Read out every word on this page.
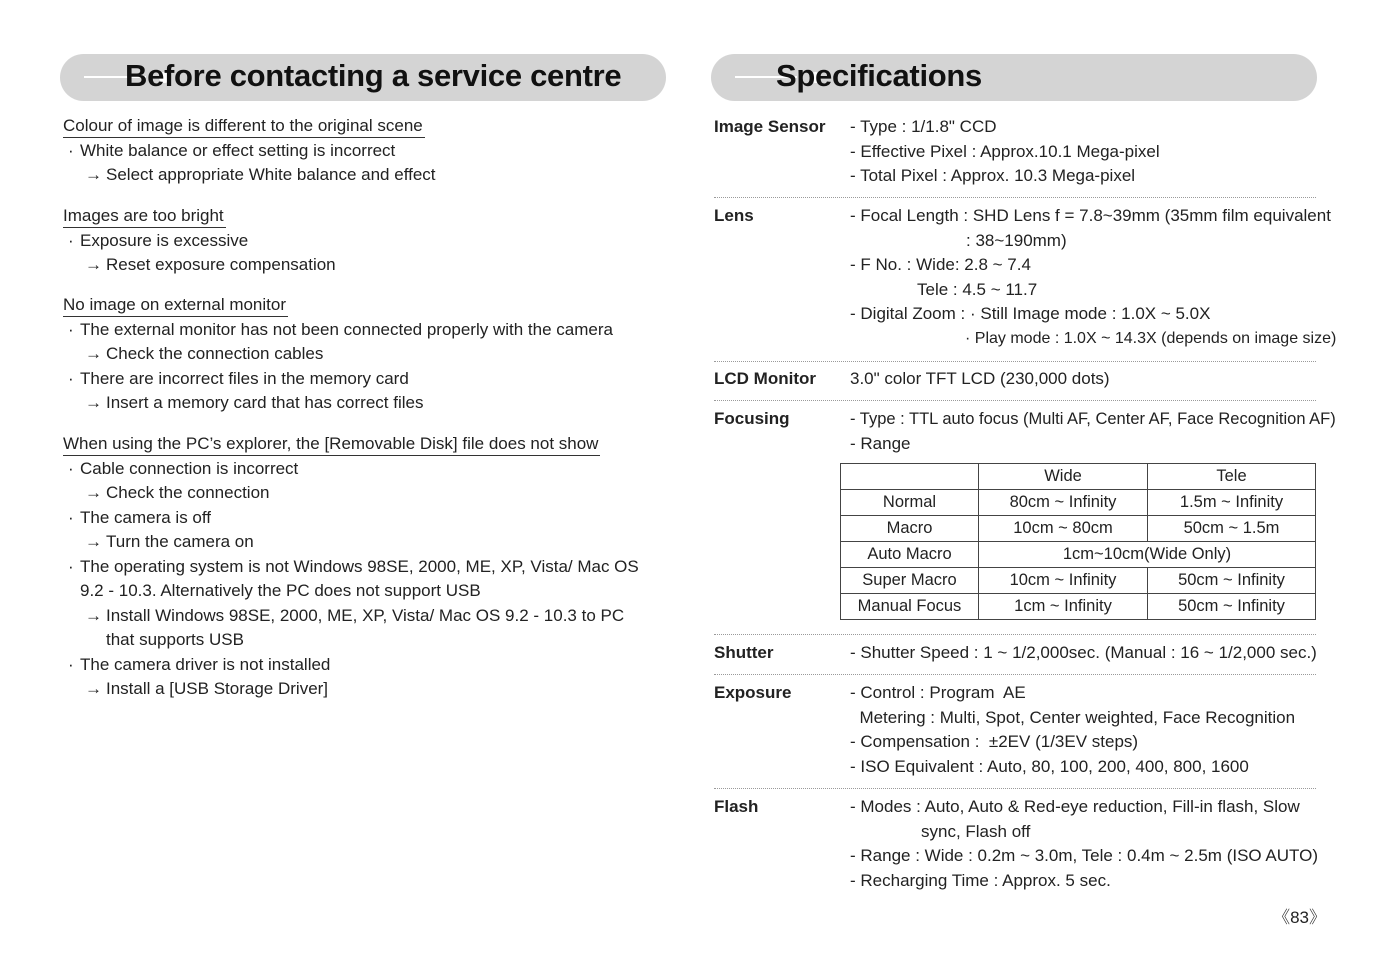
Before contacting a service centre
Colour of image is different to the original scene
· White balance or effect setting is incorrect
→ Select appropriate White balance and effect
Images are too bright
· Exposure is excessive
→ Reset exposure compensation
No image on external monitor
· The external monitor has not been connected properly with the camera
→ Check the connection cables
· There are incorrect files in the memory card
→ Insert a memory card that has correct files
When using the PC’s explorer, the [Removable Disk] file does not show
· Cable connection is incorrect
→ Check the connection
· The camera is off
→ Turn the camera on
· The operating system is not Windows 98SE, 2000, ME, XP, Vista/ Mac OS 9.2 - 10.3. Alternatively the PC does not support USB
→ Install Windows 98SE, 2000, ME, XP, Vista/ Mac OS 9.2 - 10.3 to PC that supports USB
· The camera driver is not installed
→ Install a [USB Storage Driver]
Specifications
Image Sensor - Type : 1/1.8" CCD
- Effective Pixel : Approx.10.1 Mega-pixel
- Total Pixel : Approx. 10.3 Mega-pixel
Lens	- Focal Length : SHD Lens f = 7.8~39mm (35mm film equivalent
: 38~190mm)
- F No. : Wide: 2.8 ~ 7.4
Tele : 4.5 ~ 11.7
- Digital Zoom : · Still Image mode : 1.0X ~ 5.0X
· Play mode : 1.0X ~ 14.3X (depends on image size)
LCD Monitor 3.0" color TFT LCD (230,000 dots)
Focusing	- Type : TTL auto focus (Multi AF, Center AF, Face Recognition AF)
- Range
	Wide	Tele
Normal	80cm ~ Infinity	1.5m ~ Infinity
Macro	10cm ~ 80cm	50cm ~ 1.5m
Auto Macro	1cm~10cm(Wide Only)	
Super Macro	10cm ~ Infinity	50cm ~ Infinity
Manual Focus	1cm ~ Infinity	50cm ~ Infinity
Shutter	- Shutter Speed : 1 ~ 1/2,000sec. (Manual : 16 ~ 1/2,000 sec.)
Exposure	- Control : Program  AE
Metering : Multi, Spot, Center weighted, Face Recognition
- Compensation :  ±2EV (1/3EV steps)
- ISO Equivalent : Auto, 80, 100, 200, 400, 800, 1600
Flash	- Modes : Auto, Auto & Red-eye reduction, Fill-in flash, Slow
sync, Flash off
- Range : Wide : 0.2m ~ 3.0m, Tele : 0.4m ~ 2.5m (ISO AUTO)
- Recharging Time : Approx. 5 sec.
《83》
